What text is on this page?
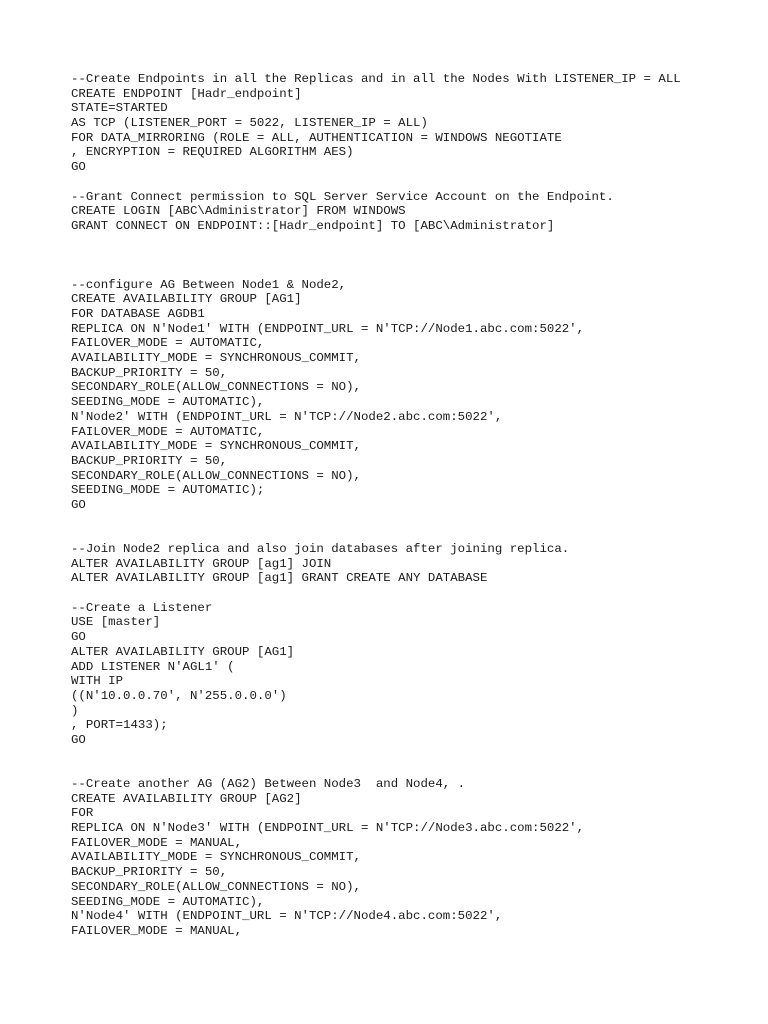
--Create Endpoints in all the Replicas and in all the Nodes With LISTENER_IP = ALL
CREATE ENDPOINT [Hadr_endpoint]
STATE=STARTED
AS TCP (LISTENER_PORT = 5022, LISTENER_IP = ALL)
FOR DATA_MIRRORING (ROLE = ALL, AUTHENTICATION = WINDOWS NEGOTIATE
, ENCRYPTION = REQUIRED ALGORITHM AES)
GO
--Grant Connect permission to SQL Server Service Account on the Endpoint.
CREATE LOGIN [ABC\Administrator] FROM WINDOWS
GRANT CONNECT ON ENDPOINT::[Hadr_endpoint] TO [ABC\Administrator]
--configure AG Between Node1 & Node2,
CREATE AVAILABILITY GROUP [AG1]
FOR DATABASE AGDB1
REPLICA ON N'Node1' WITH (ENDPOINT_URL = N'TCP://Node1.abc.com:5022',
FAILOVER_MODE = AUTOMATIC,
AVAILABILITY_MODE = SYNCHRONOUS_COMMIT,
BACKUP_PRIORITY = 50,
SECONDARY_ROLE(ALLOW_CONNECTIONS = NO),
SEEDING_MODE = AUTOMATIC),
N'Node2' WITH (ENDPOINT_URL = N'TCP://Node2.abc.com:5022',
FAILOVER_MODE = AUTOMATIC,
AVAILABILITY_MODE = SYNCHRONOUS_COMMIT,
BACKUP_PRIORITY = 50,
SECONDARY_ROLE(ALLOW_CONNECTIONS = NO),
SEEDING_MODE = AUTOMATIC);
GO
--Join Node2 replica and also join databases after joining replica.
ALTER AVAILABILITY GROUP [ag1] JOIN
ALTER AVAILABILITY GROUP [ag1] GRANT CREATE ANY DATABASE
--Create a Listener
USE [master]
GO
ALTER AVAILABILITY GROUP [AG1]
ADD LISTENER N'AGL1' (
WITH IP
((N'10.0.0.70', N'255.0.0.0')
)
, PORT=1433);
GO
--Create another AG (AG2) Between Node3  and Node4, .
CREATE AVAILABILITY GROUP [AG2]
FOR
REPLICA ON N'Node3' WITH (ENDPOINT_URL = N'TCP://Node3.abc.com:5022',
FAILOVER_MODE = MANUAL,
AVAILABILITY_MODE = SYNCHRONOUS_COMMIT,
BACKUP_PRIORITY = 50,
SECONDARY_ROLE(ALLOW_CONNECTIONS = NO),
SEEDING_MODE = AUTOMATIC),
N'Node4' WITH (ENDPOINT_URL = N'TCP://Node4.abc.com:5022',
FAILOVER_MODE = MANUAL,
